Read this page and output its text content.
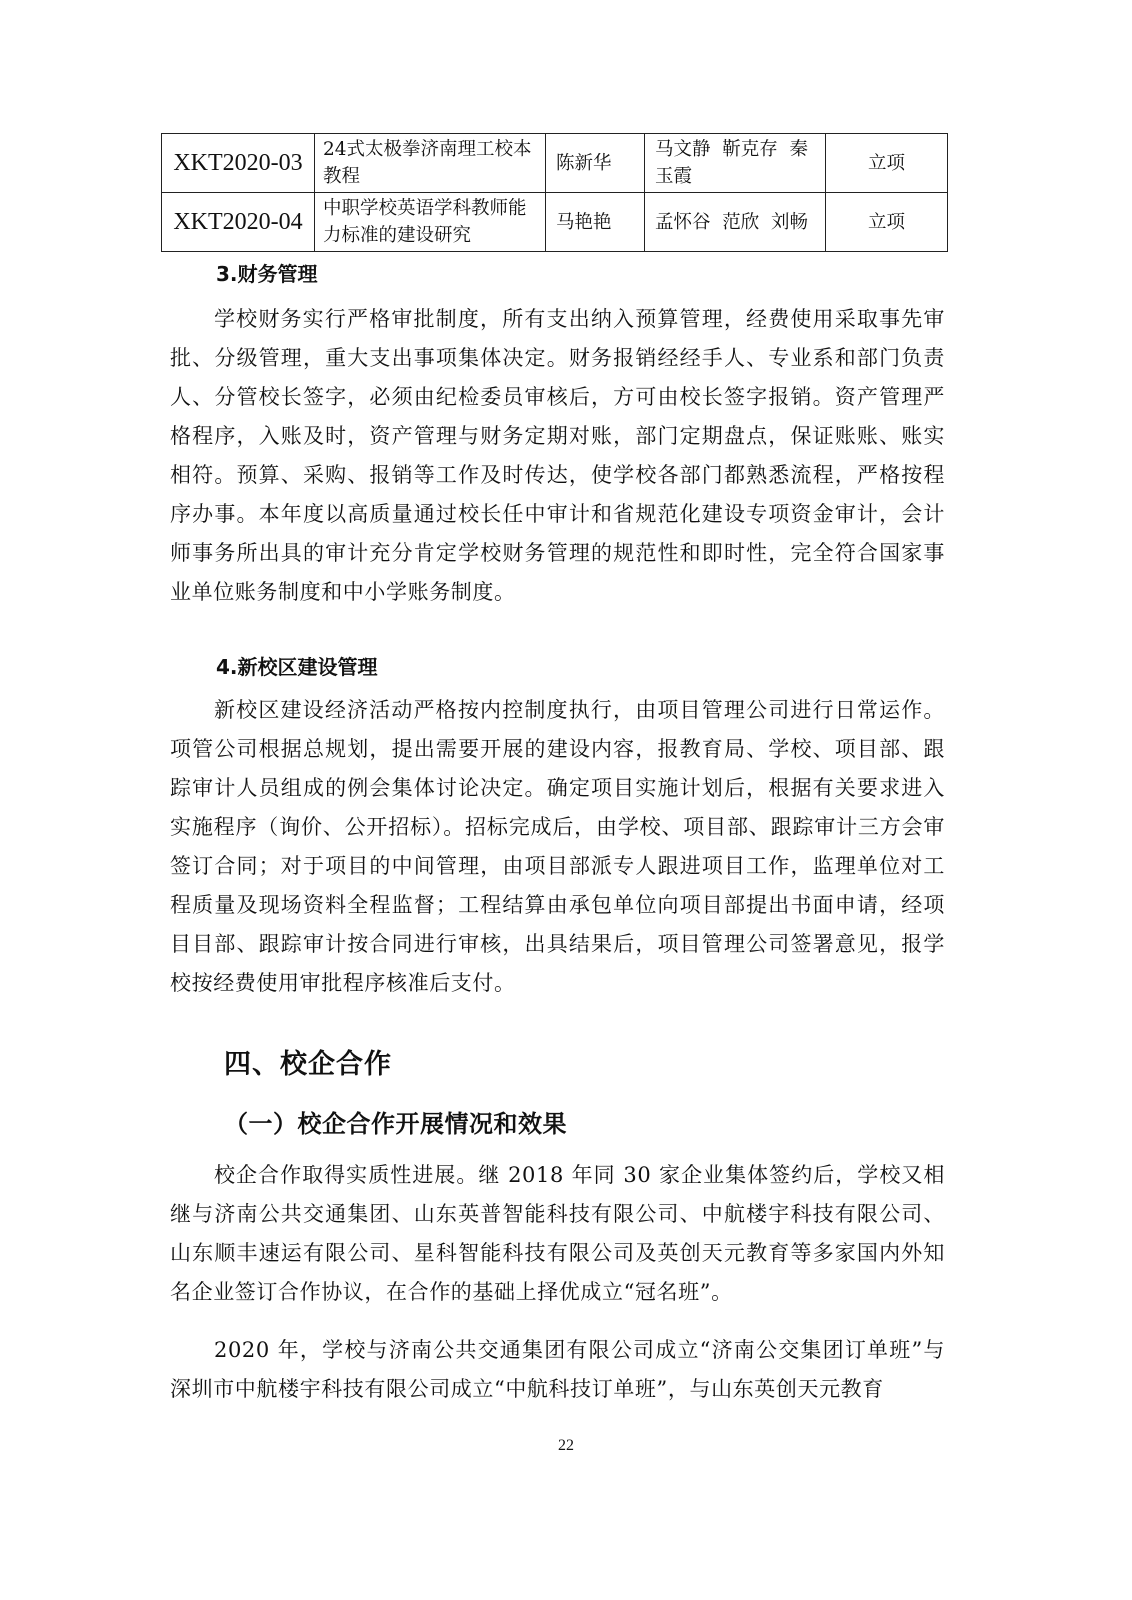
XKT2020-03	24式太极拳济南理工校本教程	陈新华	马文静  靳克存  秦玉霞	立项
XKT2020-04	中职学校英语学科教师能力标准的建设研究	马艳艳	孟怀谷  范欣  刘畅	立项
3.财务管理
学校财务实行严格审批制度，所有支出纳入预算管理，经费使用采取事先审批、分级管理，重大支出事项集体决定。财务报销经经手人、专业系和部门负责人、分管校长签字，必须由纪检委员审核后，方可由校长签字报销。资产管理严格程序，入账及时，资产管理与财务定期对账，部门定期盘点，保证账账、账实相符。预算、采购、报销等工作及时传达，使学校各部门都熟悉流程，严格按程序办事。本年度以高质量通过校长任中审计和省规范化建设专项资金审计，会计师事务所出具的审计充分肯定学校财务管理的规范性和即时性，完全符合国家事业单位账务制度和中小学账务制度。
4.新校区建设管理
新校区建设经济活动严格按内控制度执行，由项目管理公司进行日常运作。项管公司根据总规划，提出需要开展的建设内容，报教育局、学校、项目部、跟踪审计人员组成的例会集体讨论决定。确定项目实施计划后，根据有关要求进入实施程序（询价、公开招标）。招标完成后，由学校、项目部、跟踪审计三方会审签订合同；对于项目的中间管理，由项目部派专人跟进项目工作，监理单位对工程质量及现场资料全程监督；工程结算由承包单位向项目部提出书面申请，经项目目部、跟踪审计按合同进行审核，出具结果后，项目管理公司签署意见，报学校按经费使用审批程序核准后支付。
四、校企合作
（一）校企合作开展情况和效果
校企合作取得实质性进展。继 2018 年同 30 家企业集体签约后，学校又相继与济南公共交通集团、山东英普智能科技有限公司、中航楼宇科技有限公司、山东顺丰速运有限公司、星科智能科技有限公司及英创天元教育等多家国内外知名企业签订合作协议，在合作的基础上择优成立“冠名班”。
2020 年，学校与济南公共交通集团有限公司成立“济南公交集团订单班”与深圳市中航楼宇科技有限公司成立“中航科技订单班”，与山东英创天元教育
22
